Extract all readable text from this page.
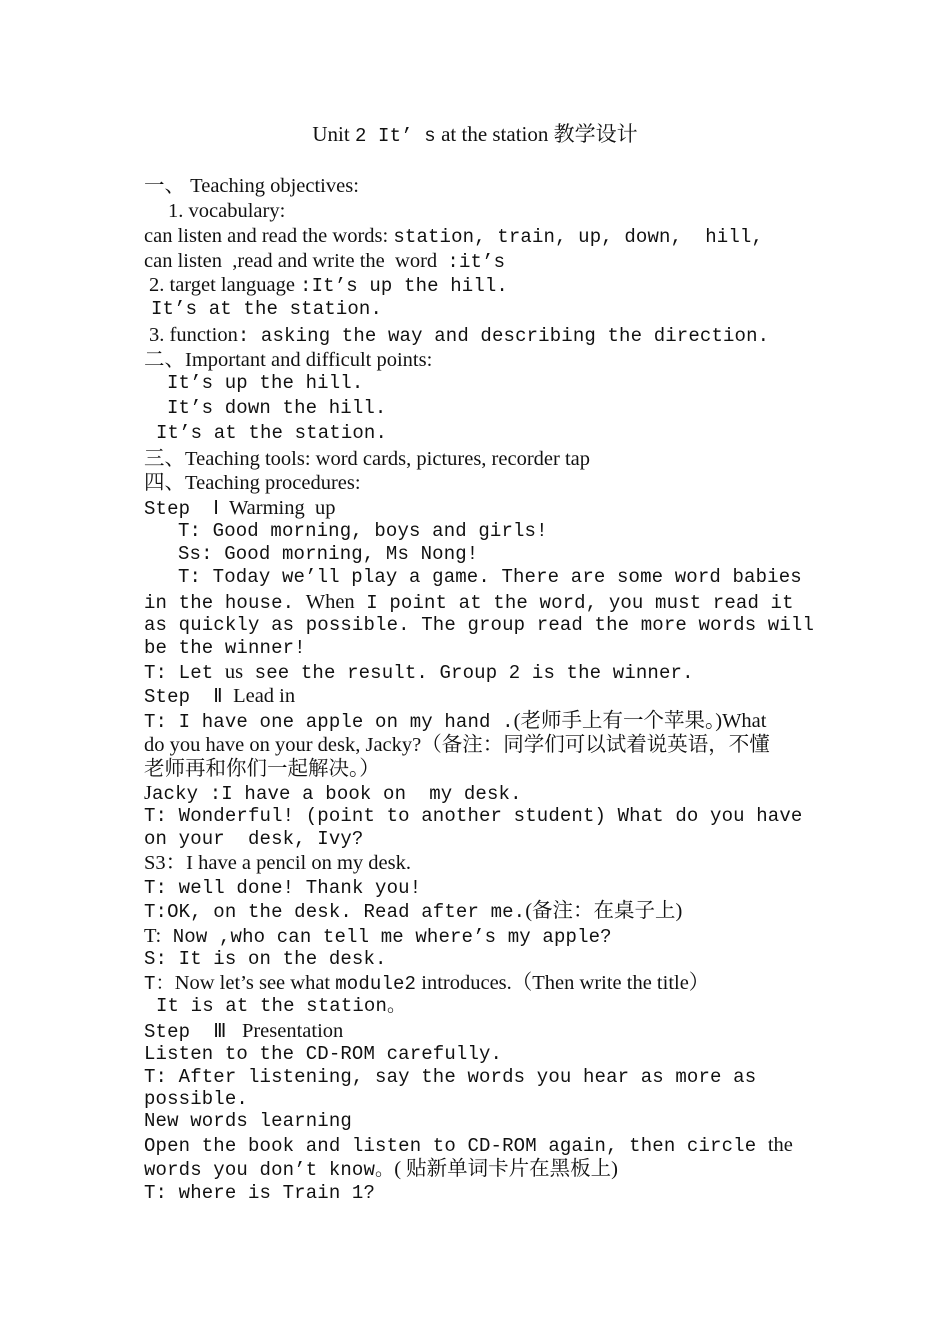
Unit 2 It’ s at the station 教学设计
一、 Teaching objectives:
1. vocabulary:
can listen and read the words: station, train, up, down,  hill,
can listen  ,read and write the  word  :it’s
2. target language :It’s up the hill.
It’s at the station.
3. function: asking the way and describing the direction.
二、Important and difficult points:
It’s up the hill.
It’s down the hill.
It’s at the station.
三、Teaching tools: word cards, pictures, recorder tap
四、Teaching procedures:
Step  Ⅰ Warming  up
T: Good morning, boys and girls!
Ss: Good morning, Ms Nong!
T: Today we’ll play a game. There are some word babies
in the house. When I point at the word, you must read it
as quickly as possible. The group read the more words will
be the winner!
T: Let us see the result. Group 2 is the winner.
Step  Ⅱ Lead in
T: I have one apple on my hand .(老师手上有一个苹果。)What
do you have on your desk, Jacky?（备注：同学们可以试着说英语，不懂
老师再和你们一起解决。）
Jacky :I have a book on  my desk.
T: Wonderful! (point to another student) What do you have
on your  desk, Ivy?
S3：I have a pencil on my desk.
T: well done! Thank you!
T:OK, on the desk. Read after me.(备注：在桌子上)
T: Now ,who can tell me where’s my apple?
S: It is on the desk.
T：Now let’s see what module2 introduces.（Then write the title）
It is at the station。
Step  Ⅲ Presentation
Listen to the CD-ROM carefully.
T: After listening, say the words you hear as more as
possible.
New words learning
Open the book and listen to CD-ROM again, then circle the
words you don’t know。( 贴新单词卡片在黑板上)
T: where is Train 1?
